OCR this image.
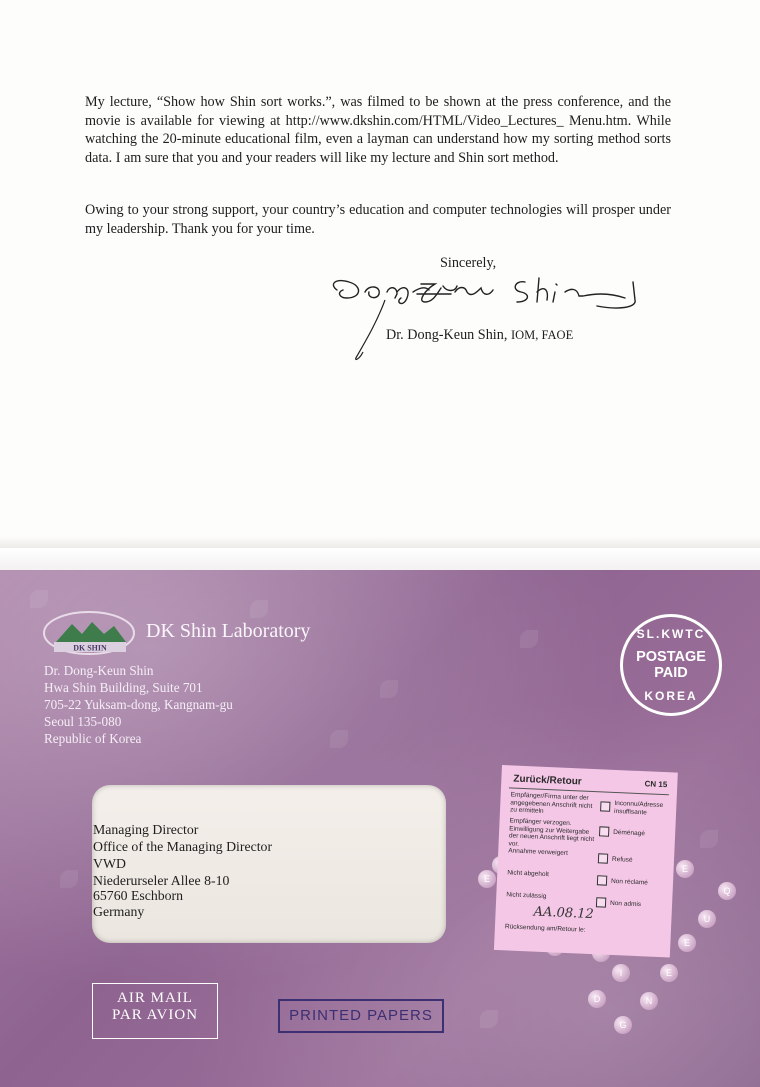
My lecture, “Show how Shin sort works.”, was filmed to be shown at the press conference, and the movie is available for viewing at http://www.dkshin.com/HTML/Video_Lectures_ Menu.htm. While watching the 20-minute educational film, even a layman can understand how my sorting method sorts data. I am sure that you and your readers will like my lecture and Shin sort method.

Owing to your strong support, your country’s education and computer technologies will prosper under my leadership. Thank you for your time.

Sincerely,
Dr. Dong-Keun Shin, IOM, FAOE
DK SHIN
DK Shin Laboratory
Dr. Dong-Keun Shin
Hwa Shin Building, Suite 701
705-22 Yuksam-dong, Kangnam-gu
Seoul 135-080
Republic of Korea
SL.KWTC
POSTAGE
PAID
KOREA
Managing Director
Office of the Managing Director
VWD
Niederurseler Allee 8-10
65760 Eschborn
Germany
E
E
U
Q
E
E
N
I
D
G
Zurück/Retour	CN 15
Empfänger/Firma unter der angegebenen Anschrift nicht zu ermitteln
Inconnu/Adresse insuffisante
Empfänger verzogen. Einwilligung zur Weitergabe der neuen Anschrift liegt nicht vor.
Déménagé
Annahme verweigert
Refusé
Nicht abgeholt
Non réclamé
Nicht zulässig
Non admis
AA.08.12
Rücksendung am/Retour le:
AIR MAIL
PAR AVION	PRINTED PAPERS
